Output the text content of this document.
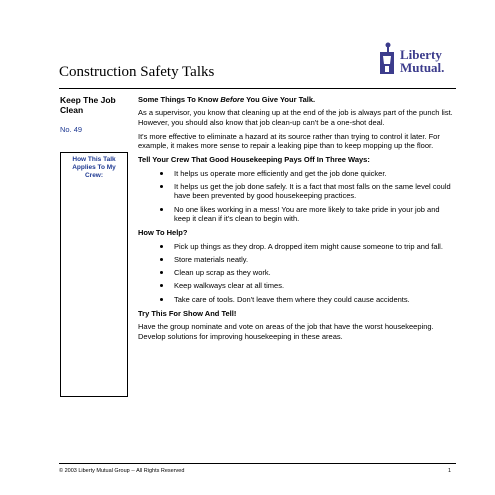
Liberty
Mutual.
Construction Safety Talks
Keep The Job Clean
No. 49
How This Talk Applies To My Crew:
Some Things To Know Before You Give Your Talk.

As a supervisor, you know that cleaning up at the end of the job is always part of the punch list. However, you should also know that job clean-up can't be a one-shot deal.

It's more effective to eliminate a hazard at its source rather than trying to control it later. For example, it makes more sense to repair a leaking pipe than to keep mopping up the floor.

Tell Your Crew That Good Housekeeping Pays Off In Three Ways:
It helps us operate more efficiently and get the job done quicker.
It helps us get the job done safely. It is a fact that most falls on the same level could have been prevented by good housekeeping practices.
No one likes working in a mess! You are more likely to take pride in your job and keep it clean if it's clean to begin with.
How To Help?
Pick up things as they drop. A dropped item might cause someone to trip and fall.
Store materials neatly.
Clean up scrap as they work.
Keep walkways clear at all times.
Take care of tools. Don't leave them where they could cause accidents.
Try This For Show And Tell!

Have the group nominate and vote on areas of the job that have the worst housekeeping. Develop solutions for improving housekeeping in these areas.

© 2003 Liberty Mutual Group -- All Rights Reserved	1
